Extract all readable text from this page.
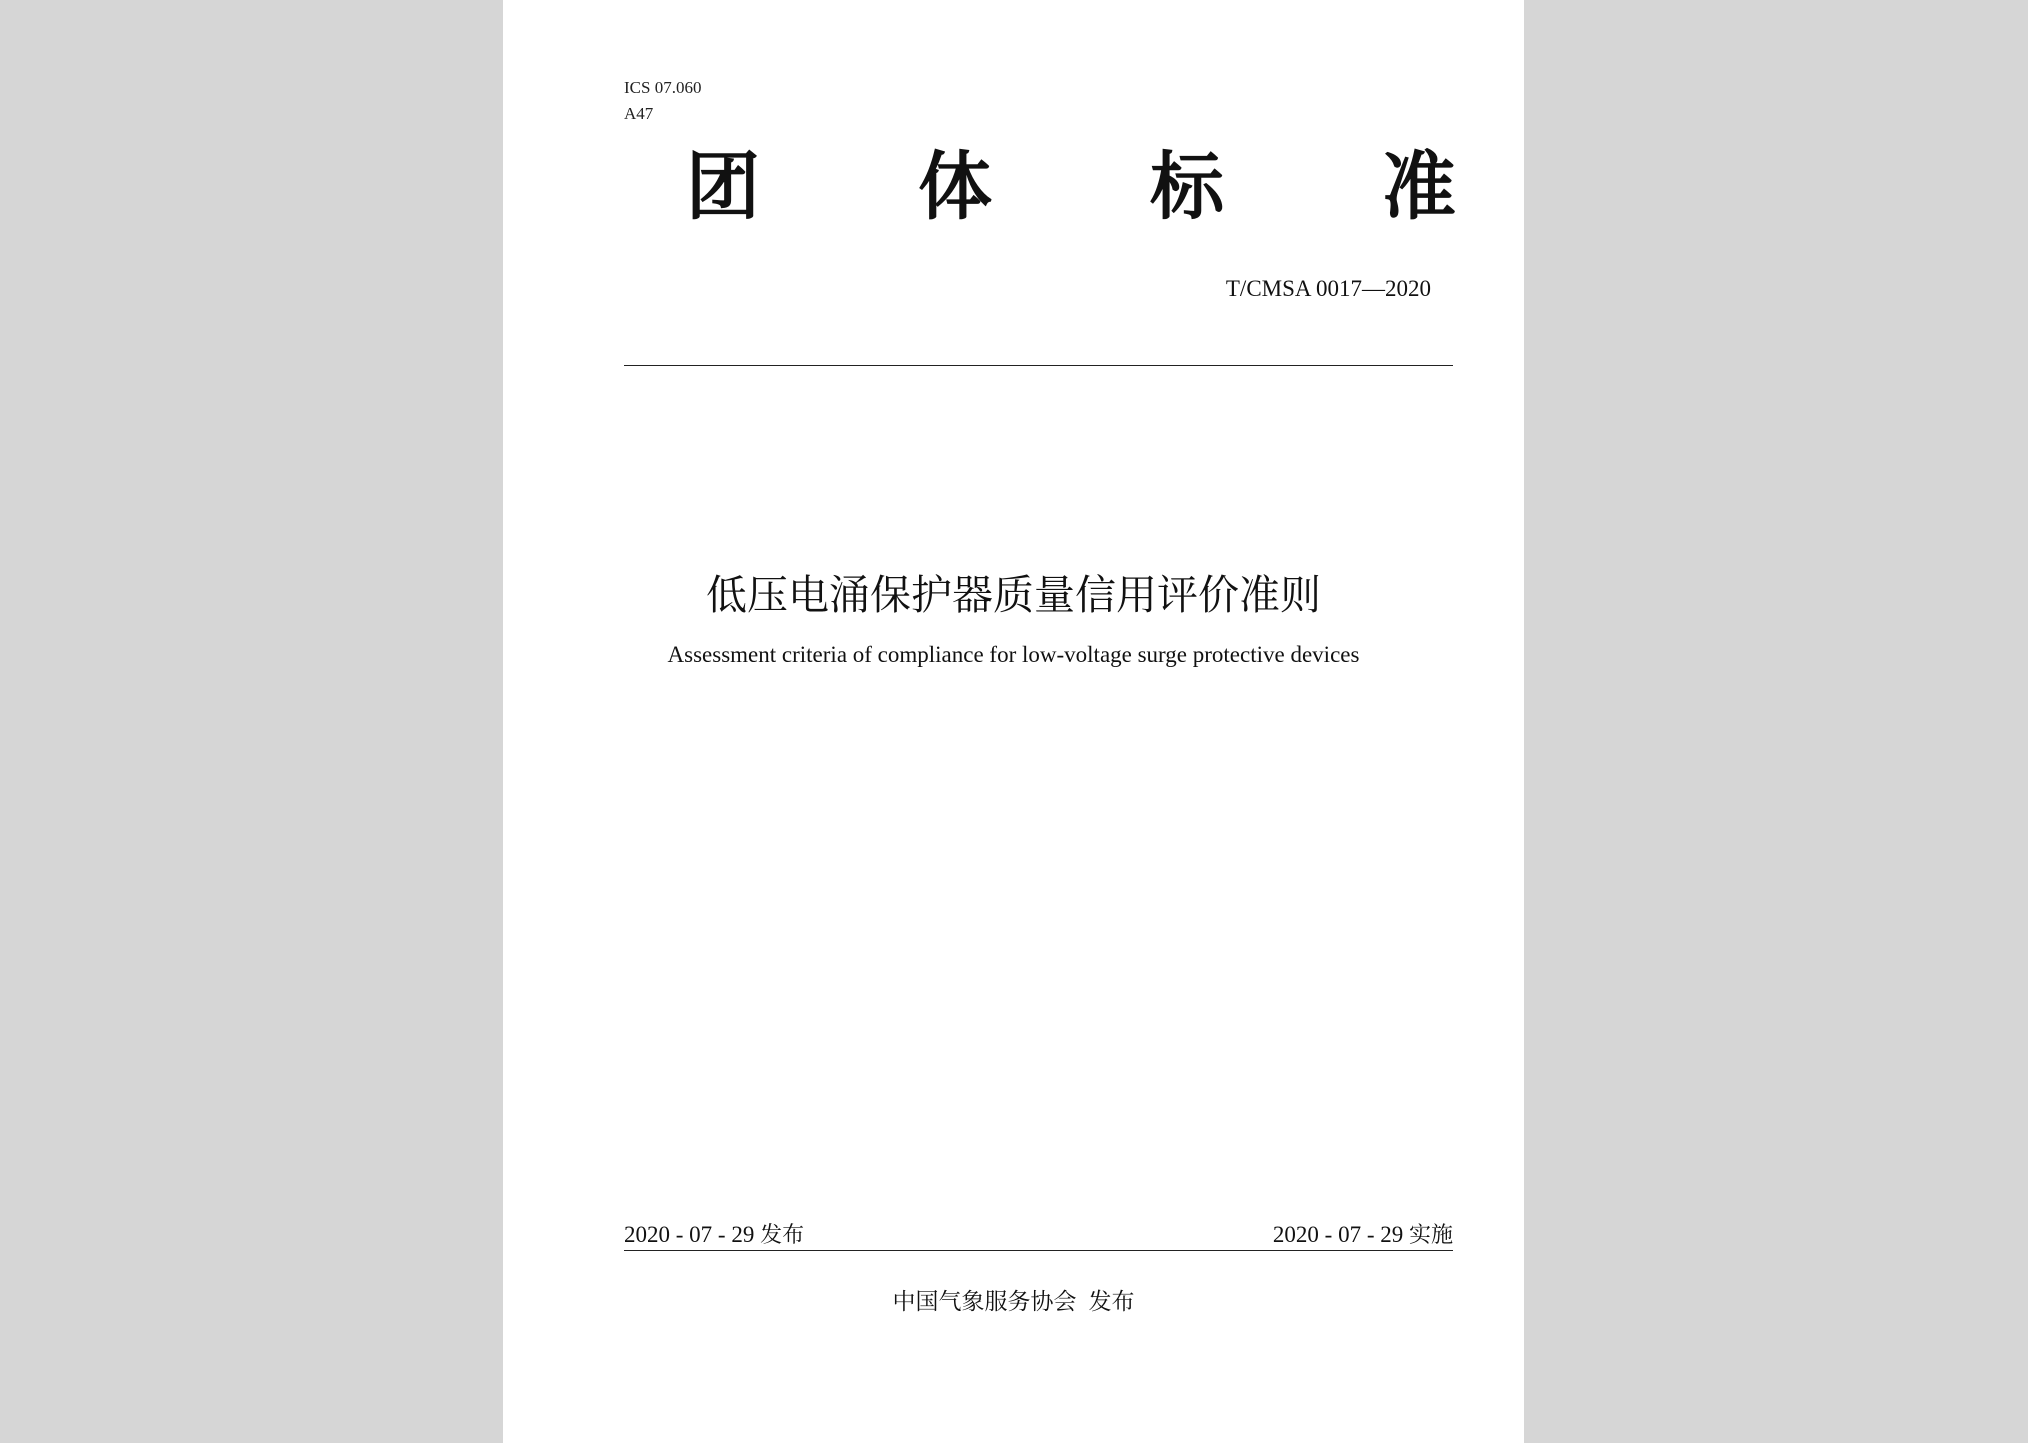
ICS 07.060
A47
团 体 标 准
T/CMSA 0017—2020
低压电涌保护器质量信用评价准则
Assessment criteria of compliance for low-voltage surge protective devices
2020 - 07 - 29 发布	2020 - 07 - 29 实施
中国气象服务协会 发布
